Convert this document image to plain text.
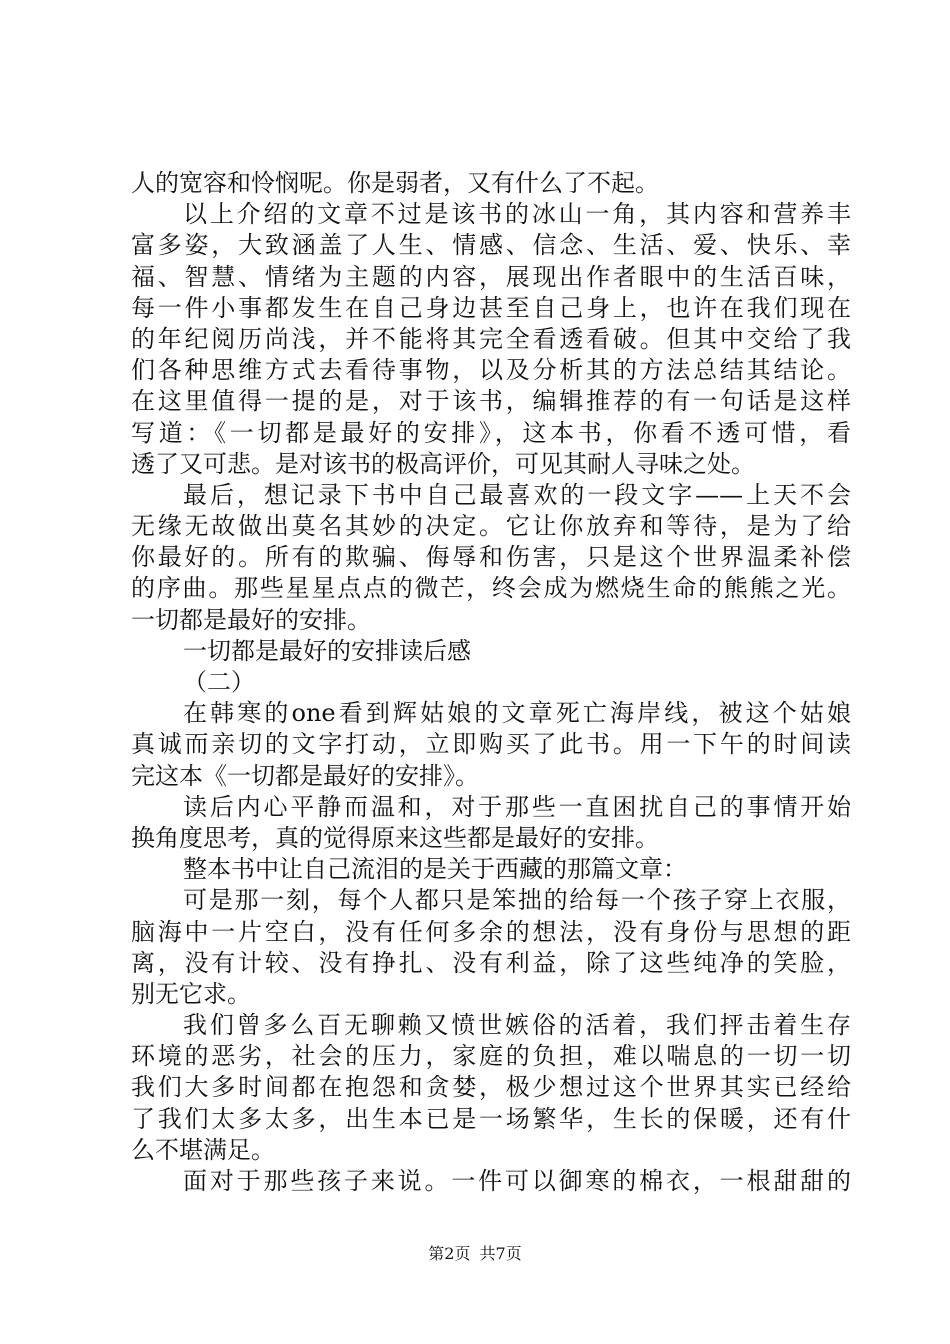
人的宽容和怜悯呢。你是弱者，又有什么了不起。
以上介绍的文章不过是该书的冰山一角，其内容和营养丰
富多姿，大致涵盖了人生、情感、信念、生活、爱、快乐、幸
福、智慧、情绪为主题的内容，展现出作者眼中的生活百味，
每一件小事都发生在自己身边甚至自己身上，也许在我们现在
的年纪阅历尚浅，并不能将其完全看透看破。但其中交给了我
们各种思维方式去看待事物，以及分析其的方法总结其结论。
在这里值得一提的是，对于该书，编辑推荐的有一句话是这样
写道：《一切都是最好的安排》，这本书，你看不透可惜，看
透了又可悲。是对该书的极高评价，可见其耐人寻味之处。
最后，想记录下书中自己最喜欢的一段文字——上天不会
无缘无故做出莫名其妙的决定。它让你放弃和等待，是为了给
你最好的。所有的欺骗、侮辱和伤害，只是这个世界温柔补偿
的序曲。那些星星点点的微芒，终会成为燃烧生命的熊熊之光。
一切都是最好的安排。
一切都是最好的安排读后感
（二）
在韩寒的one看到辉姑娘的文章死亡海岸线，被这个姑娘
真诚而亲切的文字打动，立即购买了此书。用一下午的时间读
完这本《一切都是最好的安排》。
读后内心平静而温和，对于那些一直困扰自己的事情开始
换角度思考，真的觉得原来这些都是最好的安排。
整本书中让自己流泪的是关于西藏的那篇文章：
可是那一刻，每个人都只是笨拙的给每一个孩子穿上衣服，
脑海中一片空白，没有任何多余的想法，没有身份与思想的距
离，没有计较、没有挣扎、没有利益，除了这些纯净的笑脸，
别无它求。
我们曾多么百无聊赖又愤世嫉俗的活着，我们抨击着生存
环境的恶劣，社会的压力，家庭的负担，难以喘息的一切一切
我们大多时间都在抱怨和贪婪，极少想过这个世界其实已经给
了我们太多太多，出生本已是一场繁华，生长的保暖，还有什
么不堪满足。
面对于那些孩子来说。一件可以御寒的棉衣，一根甜甜的
第2页 共7页
